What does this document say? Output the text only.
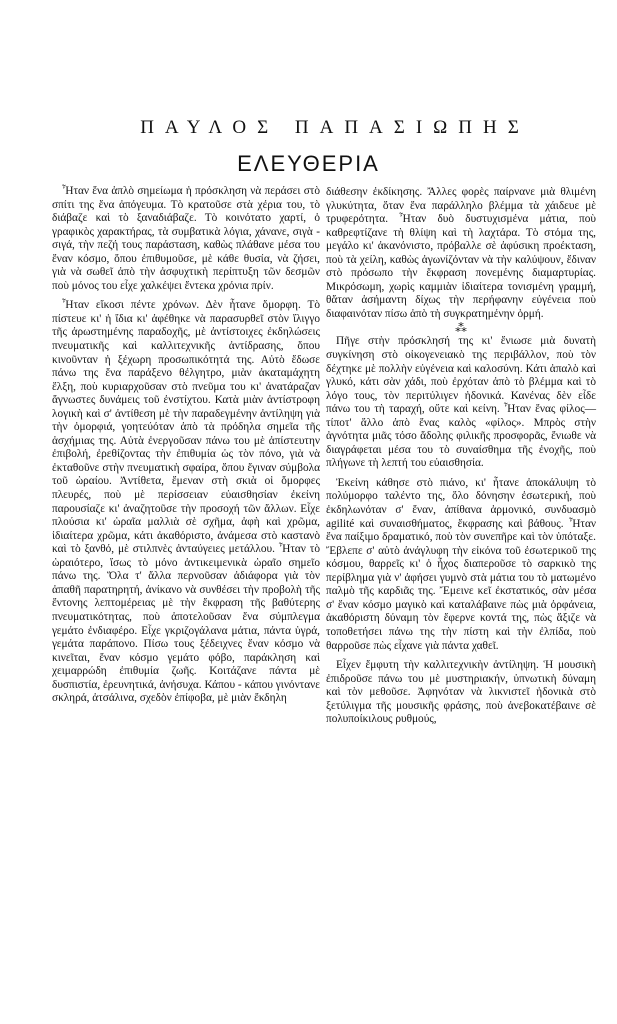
ΠΑΥΛΟΣ ΠΑΠΑΣΙΩΠΗΣ
ΕΛΕΥΘΕΡΙΑ

Ἦταν ἕνα ἁπλὸ σημείωμα ἡ πρόσκληση νὰ περάσει στὸ σπίτι της ἕνα ἀπόγευμα. Τὸ κρατοῦσε στὰ χέρια του, τὸ διάβαζε καὶ τὸ ξαναδιάβαζε. Τὸ κοινότατο χαρτί, ὁ γραφικὸς χαρακτήρας, τὰ συμβατικὰ λόγια, χάνανε, σιγὰ - σιγά, τὴν πεζή τους παράσταση, καθὼς πλάθανε μέσα του ἕναν κόσμο, ὅπου ἐπιθυμοῦσε, μὲ κάθε θυσία, νὰ ζήσει, γιὰ νὰ σωθεῖ ἀπὸ τὴν ἀσφυχτικὴ περίπτυξη τῶν δεσμῶν ποὺ μόνος του εἶχε χαλκέψει ἔντεκα χρόνια πρίν.

Ἦταν εἴκοσι πέντε χρόνων. Δὲν ἦτανε ὄμορφη. Τὸ πίστευε κι' ἡ ἴδια κι' ἀφέθηκε νὰ παρασυρθεῖ στὸν ἴλιγγο τῆς ἀρωστημένης παραδοχῆς, μὲ ἀντίστοιχες ἐκδηλώσεις πνευματικῆς καὶ καλλιτεχνικῆς ἀντίδρασης, ὅπου κινοῦνταν ἡ ξέχωρη προσωπικότητά της. Αὐτὸ ἔδωσε πάνω της ἕνα παράξενο θέλγητρο, μιὰν ἀκαταμάχητη ἕλξη, ποὺ κυριαρχοῦσαν στὸ πνεῦμα του κι' ἀνατάραζαν ἄγνωστες δυνάμεις τοῦ ἐνστίχτου. Κατὰ μιὰν ἀντίστροφη λογικὴ καὶ σ' ἀντίθεση μὲ τὴν παραδεγμένην ἀντίληψη γιὰ τὴν ὀμορφιά, γοητεύόταν ἀπὸ τὰ πρόδηλα σημεῖα τῆς ἀσχήμιας της. Αὐτὰ ἐνεργοῦσαν πάνω του μὲ ἀπίστευτην ἐπιβολή, ἐρεθίζοντας τὴν ἐπιθυμία ὡς τὸν πόνο, γιὰ νὰ ἐκταθοῦνε στὴν πνευματικὴ σφαίρα, ὅπου ἔγιναν σύμβολα τοῦ ὡραίου. Ἀντίθετα, ἔμεναν στὴ σκιὰ οἱ ὄμορφες πλευρές, ποὺ μὲ περίσσειαν εὐαισθησίαν ἐκείνη παρουσίαζε κι' ἀναζητοῦσε τὴν προσοχή τῶν ἄλλων. Εἶχε πλούσια κι' ὡραῖα μαλλιὰ σὲ σχῆμα, ἁφὴ καὶ χρῶμα, ἰδιαίτερα χρῶμα, κάτι ἀκαθόριστο, ἀνάμεσα στὸ καστανὸ καὶ τὸ ξανθό, μὲ στιλπνὲς ἀνταύγειες μετάλλου. Ἦταν τὸ ὡραιότερο, ἴσως τὸ μόνο ἀντικειμενικὰ ὡραῖο σημεῖο πάνω της. Ὅλα τ' ἄλλα περνοῦσαν ἀδιάφορα γιὰ τὸν ἀπαθῆ παρατηρητή, ἀνίκανο νὰ συνθέσει τὴν προβολὴ τῆς ἔντονης λεπτομέρειας μὲ τὴν ἔκφραση τῆς βαθύτερης πνευματικότητας, ποὺ ἀποτελοῦσαν ἕνα σύμπλεγμα γεμάτο ἐνδιαφέρο. Εἶχε γκριζογάλανα μάτια, πάντα ὑγρά, γεμάτα παράπονο. Πίσω τους ξέδειχνες ἕναν κόσμο νὰ κινεῖται, ἕναν κόσμο γεμάτο φόβο, παράκληση καὶ χειμαρρώδη ἐπιθυμία ζωῆς. Κοιτάζανε πάντα μὲ δυσπιστία, ἐρευνητικά, ἀνήσυχα. Κάπου - κάπου γινόντανε σκληρά, ἀτσάλινα, σχεδὸν ἐπίφοβα, μὲ μιὰν ἔκδηλη

διάθεσην ἐκδίκησης. Ἄλλες φορὲς παίρνανε μιὰ θλιμένη γλυκύτητα, ὅταν ἕνα παράλληλο βλέμμα τὰ χάιδευε μὲ τρυφερότητα. Ἦταν δυὸ δυστυχισμένα μάτια, ποὺ καθρεφτίζανε τὴ θλίψη καὶ τὴ λαχτάρα. Τὸ στόμα της, μεγάλο κι' ἀκανόνιστο, πρόβαλλε σὲ ἀφύσικη προέκταση, ποὺ τὰ χείλη, καθὼς ἀγωνίζόνταν νὰ τὴν καλύψουν, ἔδιναν στὸ πρόσωπο τὴν ἔκφραση πονεμένης διαμαρτυρίας. Μικρόσωμη, χωρὶς καμμιὰν ἰδιαίτερα τονισμένη γραμμή, θἄταν ἀσήμαντη δίχως τὴν περήφανην εὐγένεια ποὺ διαφαινόταν πίσω ἀπὸ τὴ συγκρατημένην ὁρμή.

⁂

Πῆγε στὴν πρόσκλησή της κι' ἔνιωσε μιὰ δυνατὴ συγκίνηση στὸ οἰκογενειακὸ της περιβάλλον, ποὺ τὸν δέχτηκε μὲ πολλὴν εὐγένεια καὶ καλοσύνη. Κάτι ἁπαλὸ καὶ γλυκό, κάτι σὰν χάδι, ποὺ ἐρχόταν ἀπὸ τὸ βλέμμα καὶ τὸ λόγο τους, τὸν περιτύλιγεν ἡδονικά. Κανένας δὲν εἶδε πάνω του τὴ ταραχή, οὔτε καὶ κείνη. Ἦταν ἕνας φίλος—τίποτ' ἄλλο ἀπὸ ἕνας καλὸς «φίλος». Μπρὸς στὴν ἁγνότητα μιᾶς τόσο ἄδολης φιλικῆς προσφορᾶς, ἔνιωθε νὰ διαγράφεται μέσα του τὸ συναίσθημα τῆς ἐνοχῆς, ποὺ πλήγωνε τὴ λεπτή του εὐαισθησία.

Ἐκείνη κάθησε στὸ πιάνο, κι' ἦτανε ἀποκάλυψη τὸ πολύμορφο ταλέντο της, ὅλο δόνησην ἐσωτερική, ποὺ ἐκδηλωνόταν σ' ἕναν, ἀπίθανα ἁρμονικό, συνδυασμὸ agilité καὶ συναισθήματος, ἔκφρασης καὶ βάθους. Ἦταν ἕνα παίξιμο δραματικό, ποὺ τὸν συνεπῆρε καὶ τὸν ὑπόταξε. Ἔβλεπε σ' αὐτὸ ἀνάγλυφη τὴν εἰκόνα τοῦ ἐσωτερικοῦ της κόσμου, θαρρεῖς κι' ὁ ἦχος διαπεροῦσε τὸ σαρκικὸ της περίβλημα γιὰ ν' ἀφήσει γυμνὸ στὰ μάτια του τὸ ματωμένο παλμὸ τῆς καρδιᾶς της. Ἔμεινε κεῖ ἐκστατικός, σὰν μέσα σ' ἕναν κόσμο μαγικὸ καὶ καταλάβαινε πὼς μιὰ ὀρφάνεια, ἀκαθόριστη δύναμη τὸν ἔφερνε κοντά της, πὼς ἄξιζε νὰ τοποθετήσει πάνω της τὴν πίστη καὶ τὴν ἐλπίδα, ποὺ θαρροῦσε πὼς εἶχανε γιὰ πάντα χαθεῖ.

Εἶχεν ἔμφυτη τὴν καλλιτεχνικὴν ἀντίληψη. Ἡ μουσικὴ ἐπιδροῦσε πάνω του μὲ μυστηριακήν, ὑπνωτικὴ δύναμη καὶ τὸν μεθοῦσε. Ἀφηνόταν νὰ λικνιστεῖ ἡδονικὰ στὸ ξετύλιγμα τῆς μουσικῆς φράσης, ποὺ ἀνεβοκατέβαινε σὲ πολυποίκιλους ρυθμούς,
